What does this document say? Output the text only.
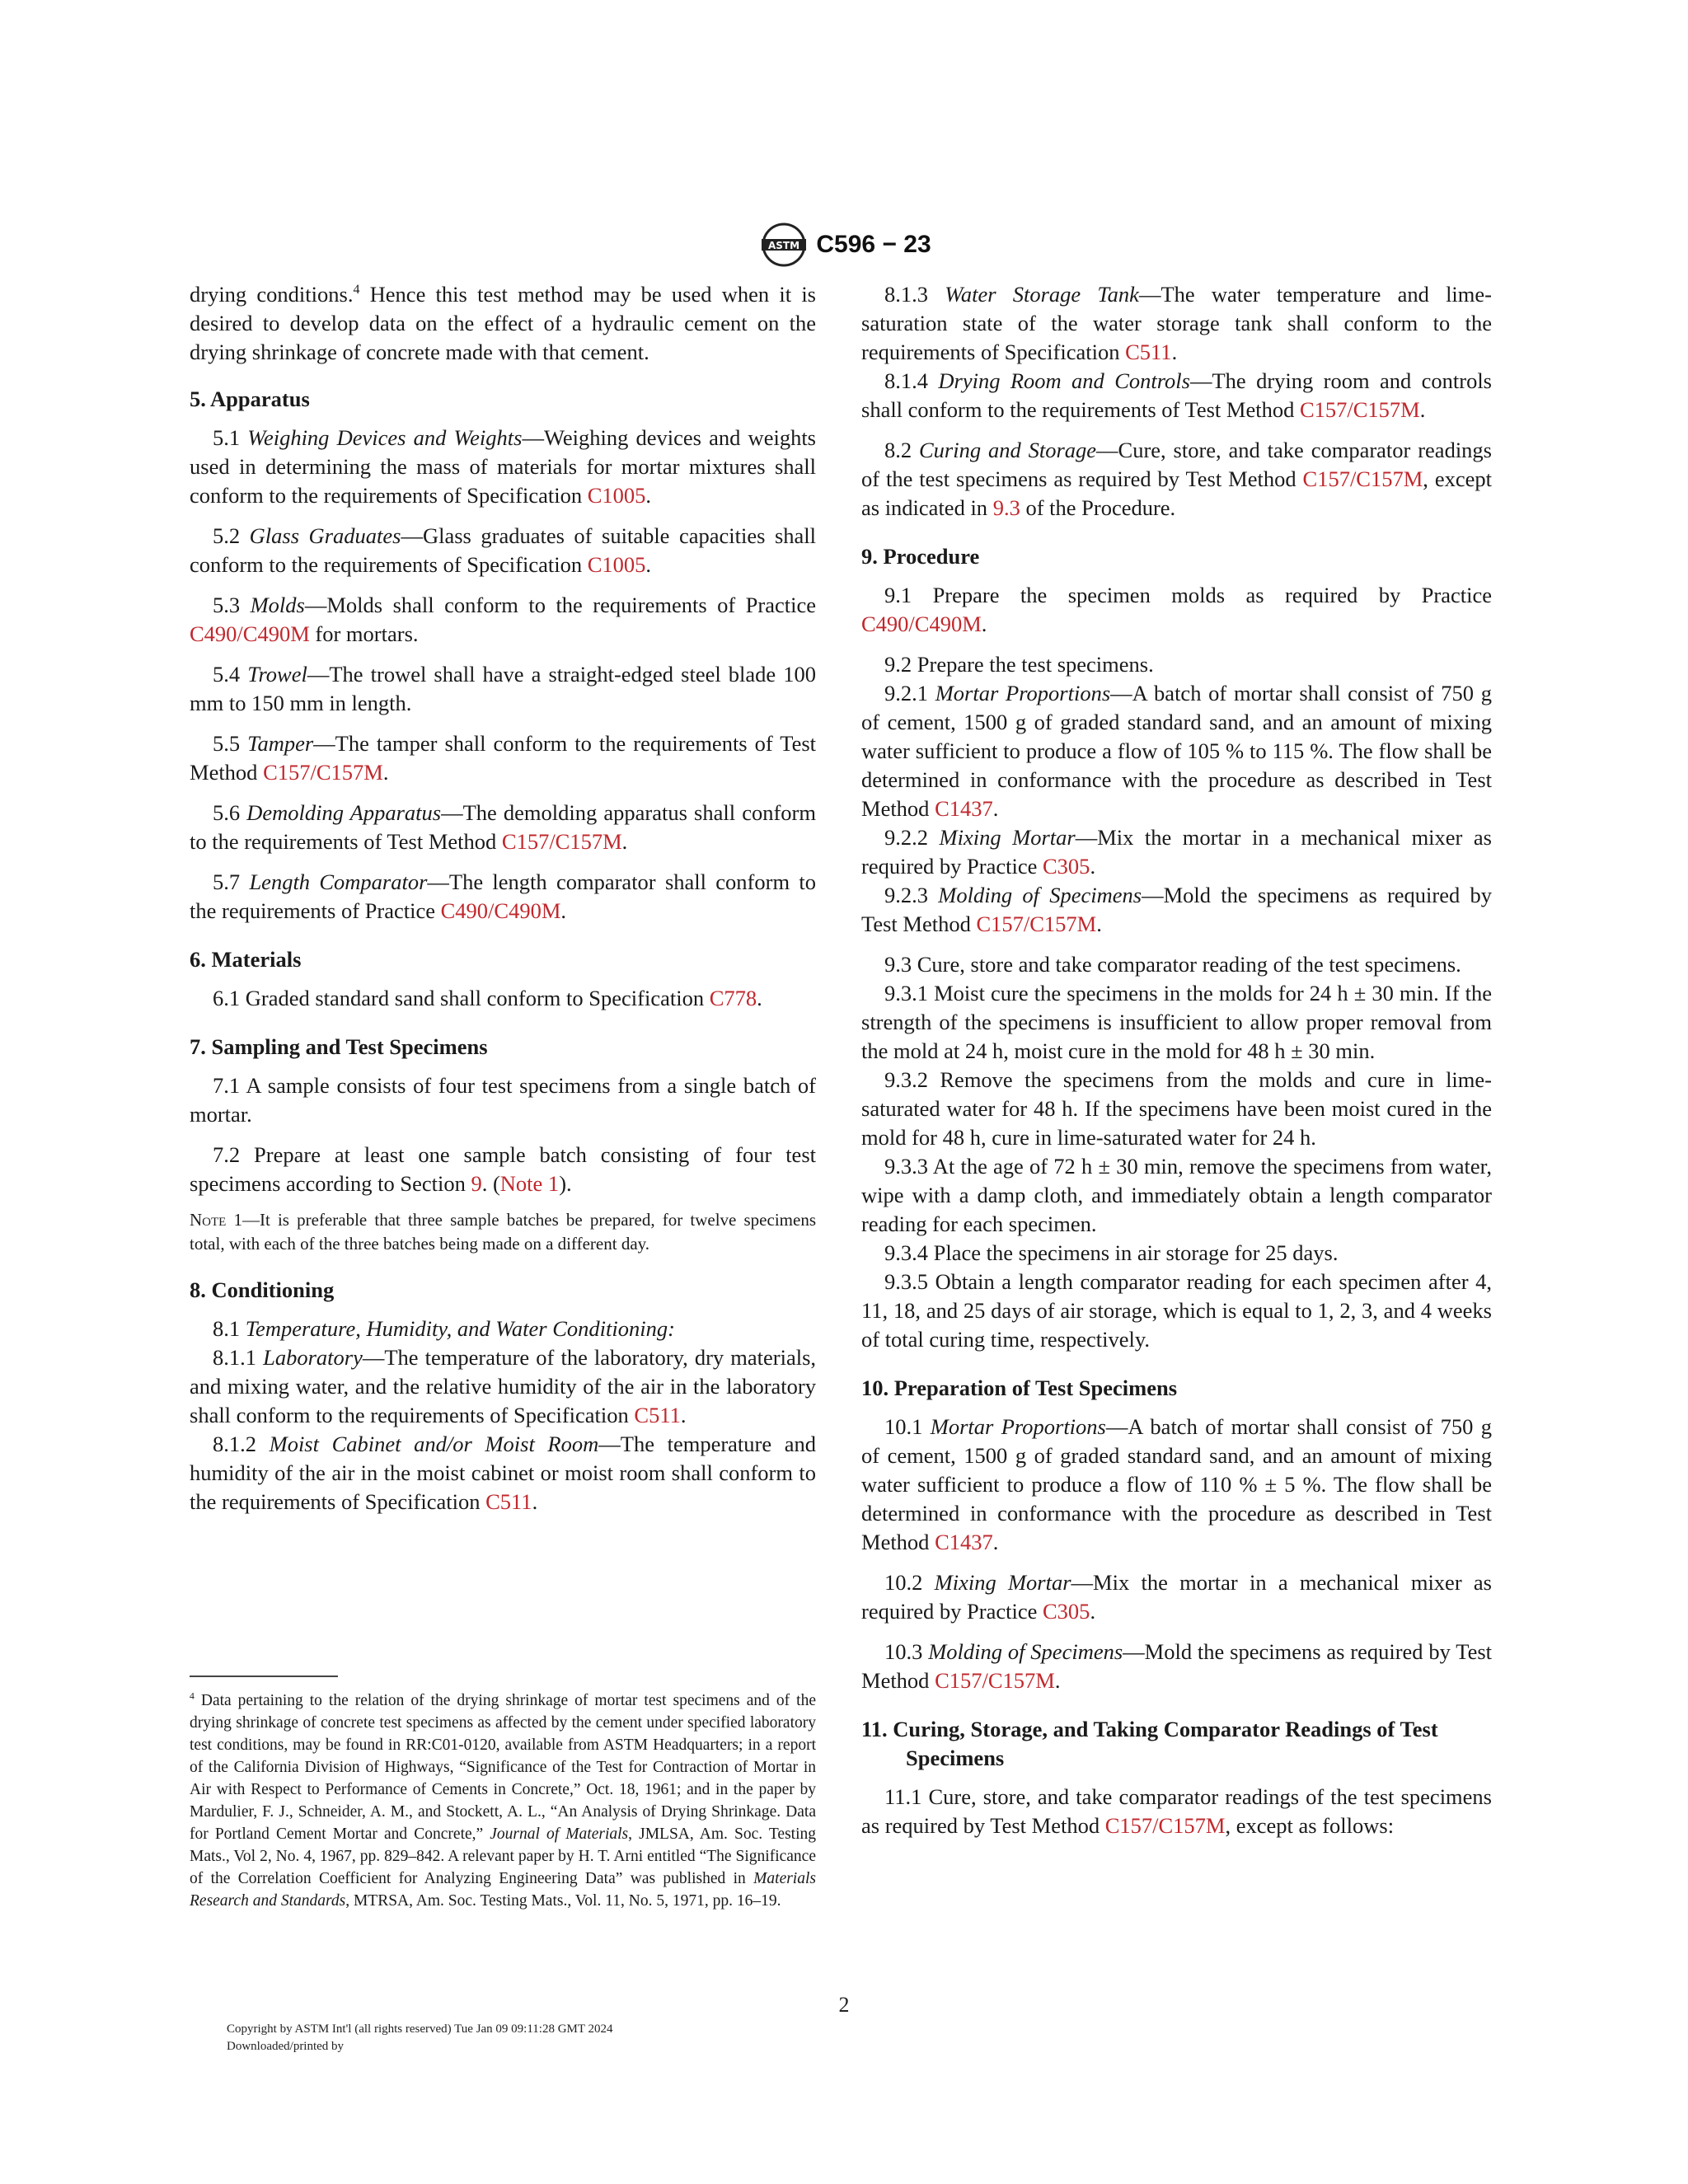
ASTM C596 − 23

drying conditions.$^4$ Hence this test method may be used when it is desired to develop data on the effect of a hydraulic cement on the drying shrinkage of concrete made with that cement.

5. Apparatus

5.1 Weighing Devices and Weights—Weighing devices and weights used in determining the mass of materials for mortar mixtures shall conform to the requirements of Specification C1005.

5.2 Glass Graduates—Glass graduates of suitable capacities shall conform to the requirements of Specification C1005.

5.3 Molds—Molds shall conform to the requirements of Practice C490/C490M for mortars.

5.4 Trowel—The trowel shall have a straight-edged steel blade 100 mm to 150 mm in length.

5.5 Tamper—The tamper shall conform to the requirements of Test Method C157/C157M.

5.6 Demolding Apparatus—The demolding apparatus shall conform to the requirements of Test Method C157/C157M.

5.7 Length Comparator—The length comparator shall conform to the requirements of Practice C490/C490M.

6. Materials

6.1 Graded standard sand shall conform to Specification C778.

7. Sampling and Test Specimens

7.1 A sample consists of four test specimens from a single batch of mortar.

7.2 Prepare at least one sample batch consisting of four test specimens according to Section 9. (Note 1).

Note 1—It is preferable that three sample batches be prepared, for twelve specimens total, with each of the three batches being made on a different day.

8. Conditioning

8.1 Temperature, Humidity, and Water Conditioning:

8.1.1 Laboratory—The temperature of the laboratory, dry materials, and mixing water, and the relative humidity of the air in the laboratory shall conform to the requirements of Specification C511.

8.1.2 Moist Cabinet and/or Moist Room—The temperature and humidity of the air in the moist cabinet or moist room shall conform to the requirements of Specification C511.

$^4$ Data pertaining to the relation of the drying shrinkage of mortar test specimens and of the drying shrinkage of concrete test specimens as affected by the cement under specified laboratory test conditions, may be found in RR:C01-0120, available from ASTM Headquarters; in a report of the California Division of Highways, “Significance of the Test for Contraction of Mortar in Air with Respect to Performance of Cements in Concrete,” Oct. 18, 1961; and in the paper by Mardulier, F. J., Schneider, A. M., and Stockett, A. L., “An Analysis of Drying Shrinkage. Data for Portland Cement Mortar and Concrete,” Journal of Materials, JMLSA, Am. Soc. Testing Mats., Vol 2, No. 4, 1967, pp. 829–842. A relevant paper by H. T. Arni entitled “The Significance of the Correlation Coefficient for Analyzing Engineering Data” was published in Materials Research and Standards, MTRSA, Am. Soc. Testing Mats., Vol. 11, No. 5, 1971, pp. 16–19.

8.1.3 Water Storage Tank—The water temperature and lime-saturation state of the water storage tank shall conform to the requirements of Specification C511.

8.1.4 Drying Room and Controls—The drying room and controls shall conform to the requirements of Test Method C157/C157M.

8.2 Curing and Storage—Cure, store, and take comparator readings of the test specimens as required by Test Method C157/C157M, except as indicated in 9.3 of the Procedure.

9. Procedure

9.1 Prepare the specimen molds as required by Practice C490/C490M.

9.2 Prepare the test specimens.

9.2.1 Mortar Proportions—A batch of mortar shall consist of 750 g of cement, 1500 g of graded standard sand, and an amount of mixing water sufficient to produce a flow of 105 % to 115 %. The flow shall be determined in conformance with the procedure as described in Test Method C1437.

9.2.2 Mixing Mortar—Mix the mortar in a mechanical mixer as required by Practice C305.

9.2.3 Molding of Specimens—Mold the specimens as required by Test Method C157/C157M.

9.3 Cure, store and take comparator reading of the test specimens.

9.3.1 Moist cure the specimens in the molds for 24 h ± 30 min. If the strength of the specimens is insufficient to allow proper removal from the mold at 24 h, moist cure in the mold for 48 h ± 30 min.

9.3.2 Remove the specimens from the molds and cure in lime-saturated water for 48 h. If the specimens have been moist cured in the mold for 48 h, cure in lime-saturated water for 24 h.

9.3.3 At the age of 72 h ± 30 min, remove the specimens from water, wipe with a damp cloth, and immediately obtain a length comparator reading for each specimen.

9.3.4 Place the specimens in air storage for 25 days.

9.3.5 Obtain a length comparator reading for each specimen after 4, 11, 18, and 25 days of air storage, which is equal to 1, 2, 3, and 4 weeks of total curing time, respectively.

10. Preparation of Test Specimens

10.1 Mortar Proportions—A batch of mortar shall consist of 750 g of cement, 1500 g of graded standard sand, and an amount of mixing water sufficient to produce a flow of 110 % ± 5 %. The flow shall be determined in conformance with the procedure as described in Test Method C1437.

10.2 Mixing Mortar—Mix the mortar in a mechanical mixer as required by Practice C305.

10.3 Molding of Specimens—Mold the specimens as required by Test Method C157/C157M.

11. Curing, Storage, and Taking Comparator Readings of Test Specimens

11.1 Cure, store, and take comparator readings of the test specimens as required by Test Method C157/C157M, except as follows:

2
Copyright by ASTM Int'l (all rights reserved) Tue Jan 09 09:11:28 GMT 2024
Downloaded/printed by
